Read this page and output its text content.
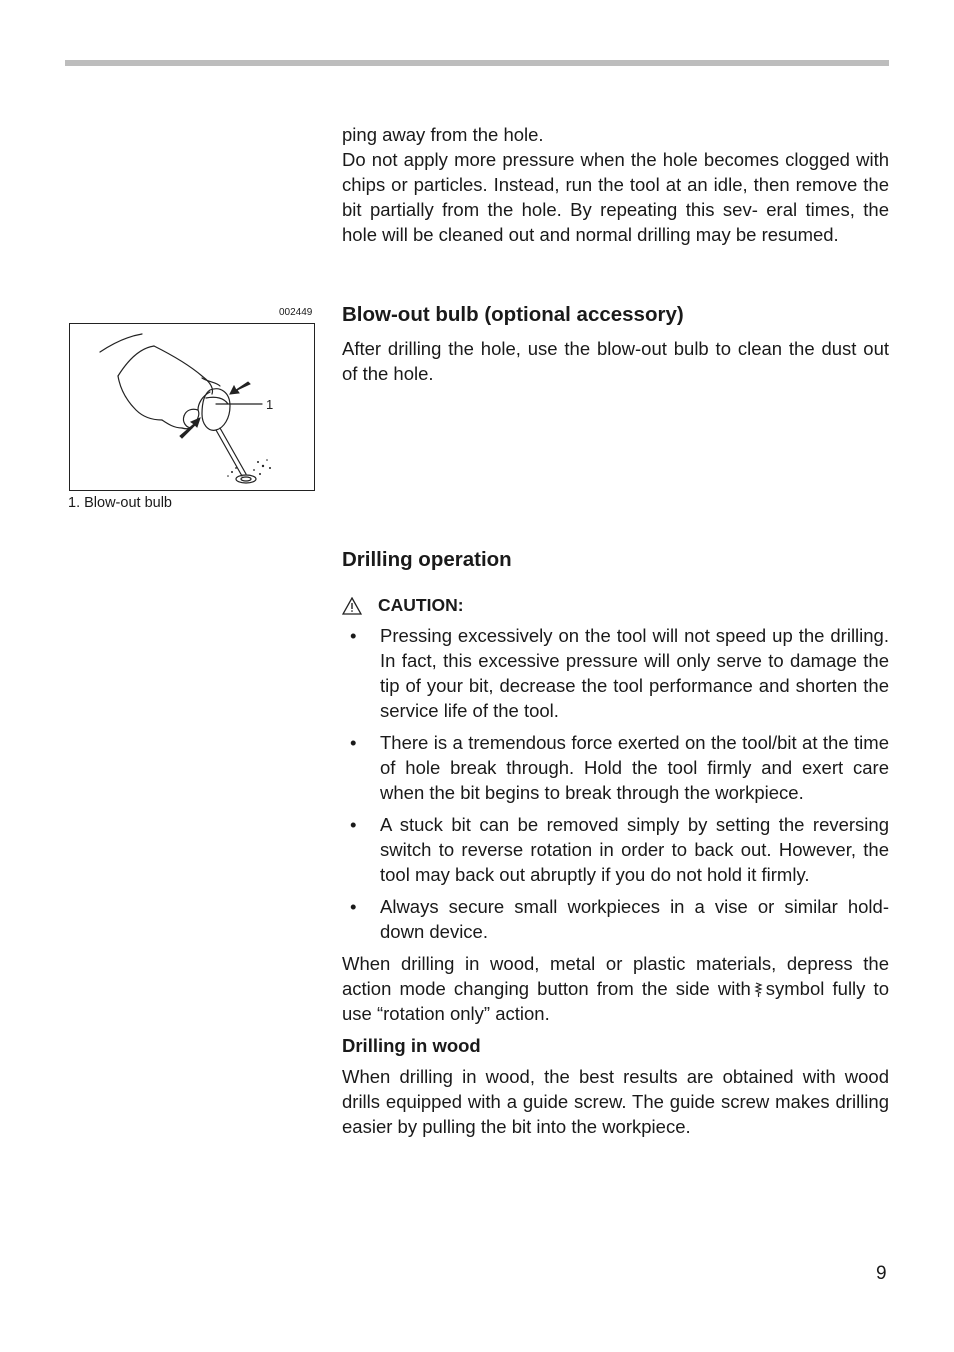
ping away from the hole.

Do not apply more pressure when the hole becomes clogged with chips or particles. Instead, run the tool at an idle, then remove the bit partially from the hole. By repeating this sev- eral times, the hole will be cleaned out and normal drilling may be resumed.

002449
1
1. Blow-out bulb
Blow-out bulb (optional accessory)

After drilling the hole, use the blow-out bulb to clean the dust out of the hole.

Drilling operation
CAUTION:
• Pressing excessively on the tool will not speed up the drilling. In fact, this excessive pressure will only serve to damage the tip of your bit, decrease the tool performance and shorten the service life of the tool.
• There is a tremendous force exerted on the tool/bit at the time of hole break through. Hold the tool firmly and exert care when the bit begins to break through the workpiece.
• A stuck bit can be removed simply by setting the reversing switch to reverse rotation in order to back out. However, the tool may back out abruptly if you do not hold it firmly.
• Always secure small workpieces in a vise or similar hold- down device.

When drilling in wood, metal or plastic materials, depress the action mode changing button from the side with symbol fully to use “rotation only” action.

Drilling in wood

When drilling in wood, the best results are obtained with wood drills equipped with a guide screw. The guide screw makes drilling easier by pulling the bit into the workpiece.

9
